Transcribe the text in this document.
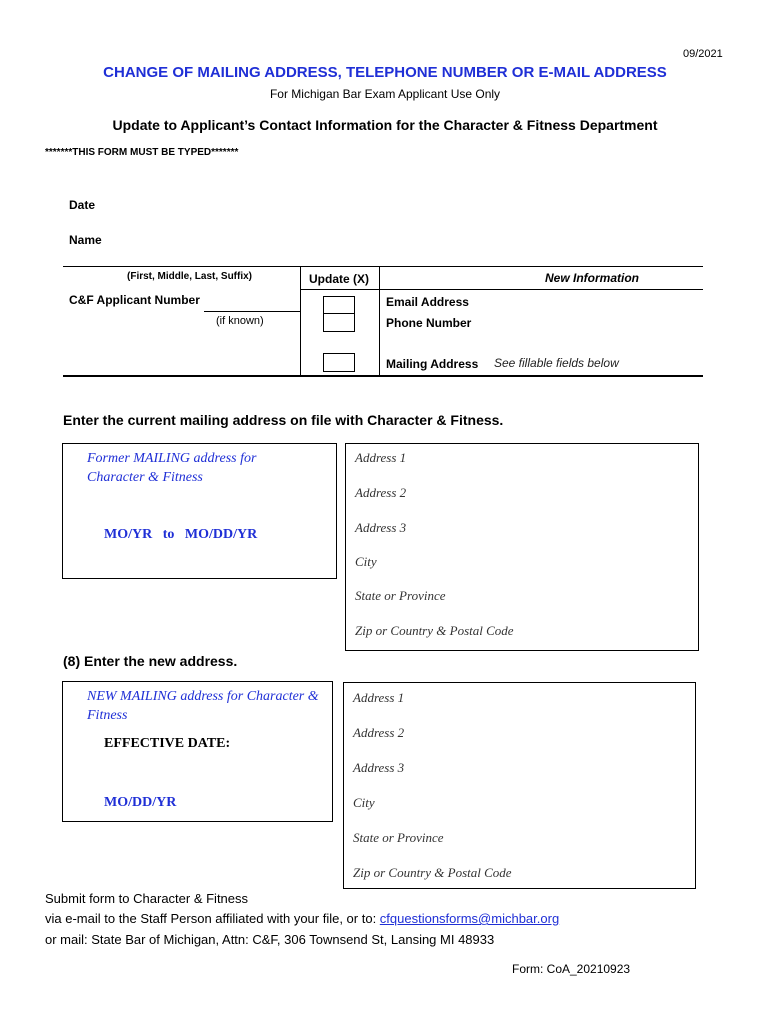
09/2021
CHANGE OF MAILING ADDRESS, TELEPHONE NUMBER OR E-MAIL ADDRESS
For Michigan Bar Exam Applicant Use Only
Update to Applicant’s Contact Information for the Character & Fitness Department
*******THIS FORM MUST BE TYPED*******
Date
Name
(First, Middle, Last, Suffix)	Update (X)	New Information
C&F Applicant Number
(if known)
Email Address
Phone Number
Mailing Address See fillable fields below
Enter the current mailing address on file with Character & Fitness.
Former MAILING address for Character & Fitness
MO/YR   to   MO/DD/YR
Address 1
Address 2
Address 3
City
State or Province
Zip or Country & Postal Code
(8) Enter the new address.
NEW MAILING address for Character & Fitness
EFFECTIVE DATE:
MO/DD/YR
Address 1
Address 2
Address 3
City
State or Province
Zip or Country & Postal Code
Submit form to Character & Fitness
via e-mail to the Staff Person affiliated with your file, or to: cfquestionsforms@michbar.org
or mail: State Bar of Michigan, Attn: C&F, 306 Townsend St, Lansing MI 48933
Form: CoA_20210923
